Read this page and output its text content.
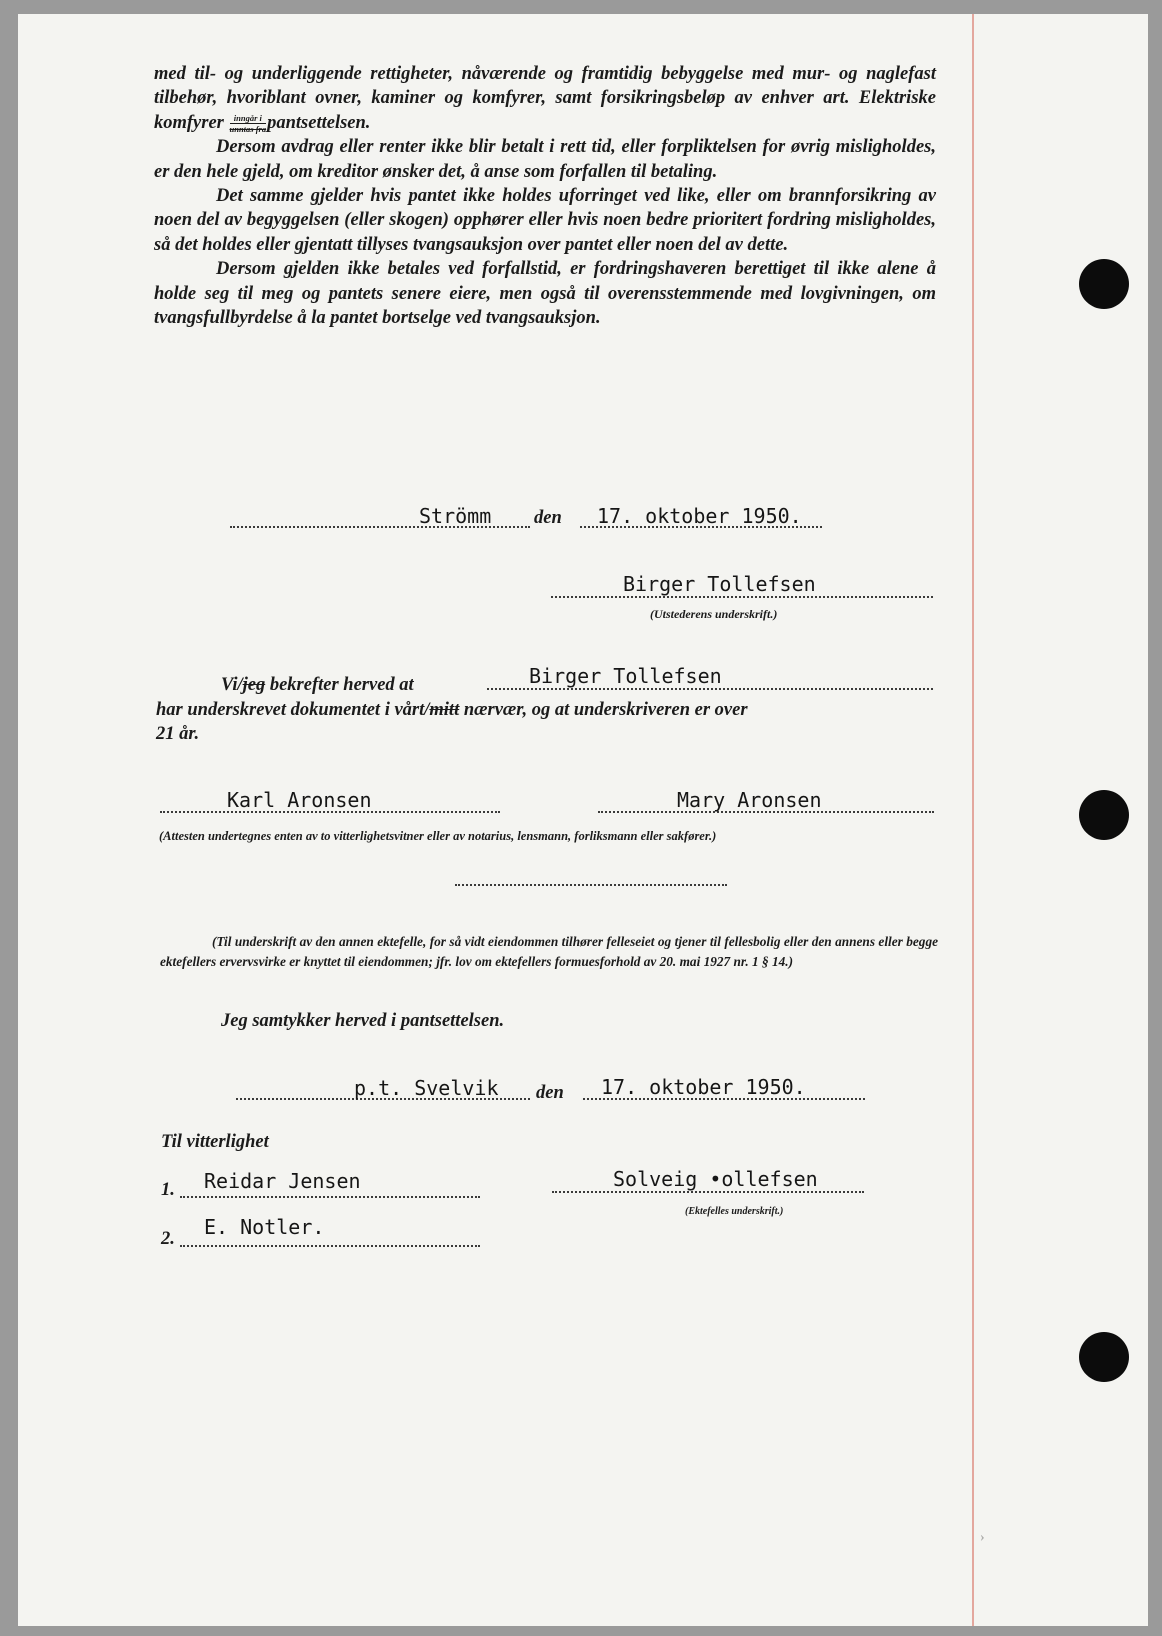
med til- og underliggende rettigheter, nåværende og framtidig bebyggelse med mur- og naglefast tilbehør, hvoriblant ovner, kaminer og komfyrer, samt forsikringsbeløp av enhver art. Elektriske komfyrer $\frac{\text{inngår i}}{\text{unntas fra}}$ pantsettelsen.

Dersom avdrag eller renter ikke blir betalt i rett tid, eller forpliktelsen for øvrig misligholdes, er den hele gjeld, om kreditor ønsker det, å anse som forfallen til betaling.

Det samme gjelder hvis pantet ikke holdes uforringet ved like, eller om brannforsikring av noen del av begyggelsen (eller skogen) opphører eller hvis noen bedre prioritert fordring misligholdes, så det holdes eller gjentatt tillyses tvangsauksjon over pantet eller noen del av dette.

Dersom gjelden ikke betales ved forfallstid, er fordringshaveren berettiget til ikke alene å holde seg til meg og pantets senere eiere, men også til overensstemmende med lovgivningen, om tvangsfullbyrdelse å la pantet bortselge ved tvangsauksjon.

Strömm den 17. oktober 1950.
Birger Tollefsen
(Utstederens underskrift.)
Vi/jeg bekrefter herved at	Birger Tollefsen
har underskrevet dokumentet i vårt/mitt nærvær, og at underskriveren er over
21 år.
Karl Aronsen	Mary Aronsen
(Attesten undertegnes enten av to vitterlighetsvitner eller av notarius, lensmann, forliksmann eller sakfører.)
(Til underskrift av den annen ektefelle, for så vidt eiendommen tilhører felleseiet og tjener til fellesbolig eller den annens eller begge ektefellers ervervsvirke er knyttet til eiendommen; jfr. lov om ektefellers formuesforhold av 20. mai 1927 nr. 1 § 14.)
Jeg samtykker herved i pantsettelsen.
p.t. Svelvik den 17. oktober 1950.
Til vitterlighet
1. Reidar Jensen
2. E. Notler.
Solveig •ollefsen
(Ektefelles underskrift.)
›
